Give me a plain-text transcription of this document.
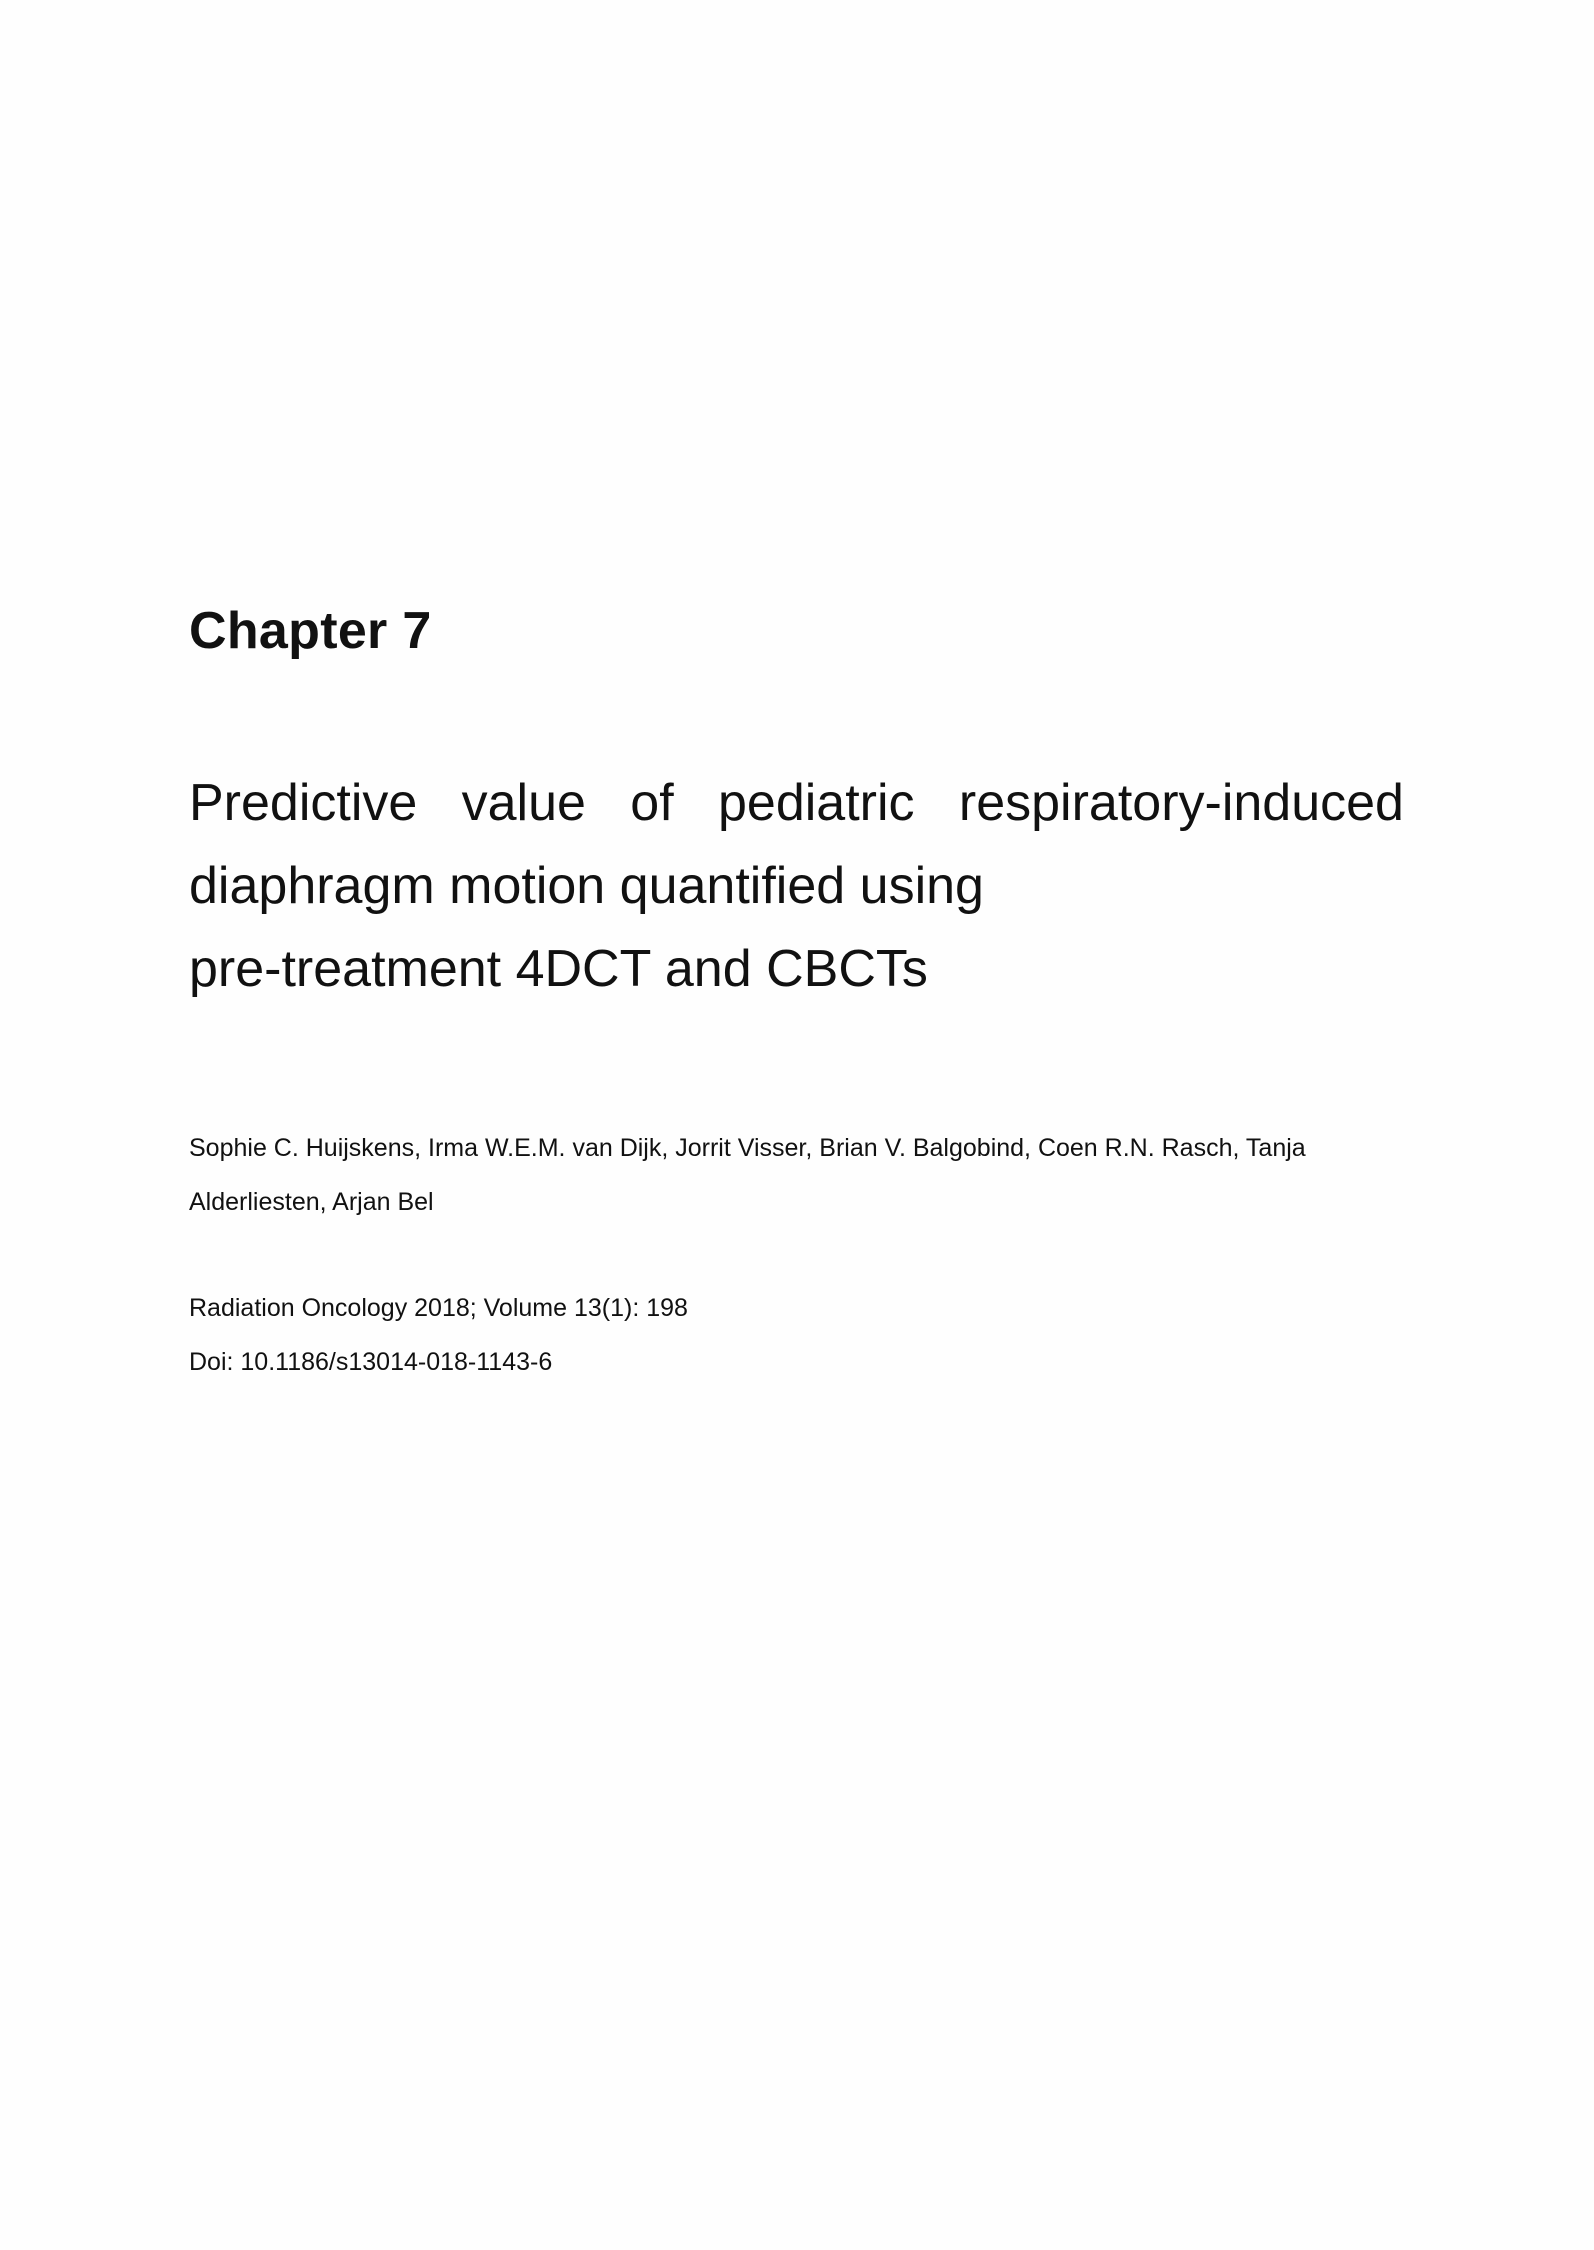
Chapter 7
Predictive value of pediatric respiratory-induced
diaphragm motion quantified using
pre-treatment 4DCT and CBCTs

Sophie C. Huijskens, Irma W.E.M. van Dijk, Jorrit Visser, Brian V. Balgobind, Coen R.N. Rasch, Tanja
Alderliesten, Arjan Bel

Radiation Oncology 2018; Volume 13(1): 198
Doi: 10.1186/s13014-018-1143-6
